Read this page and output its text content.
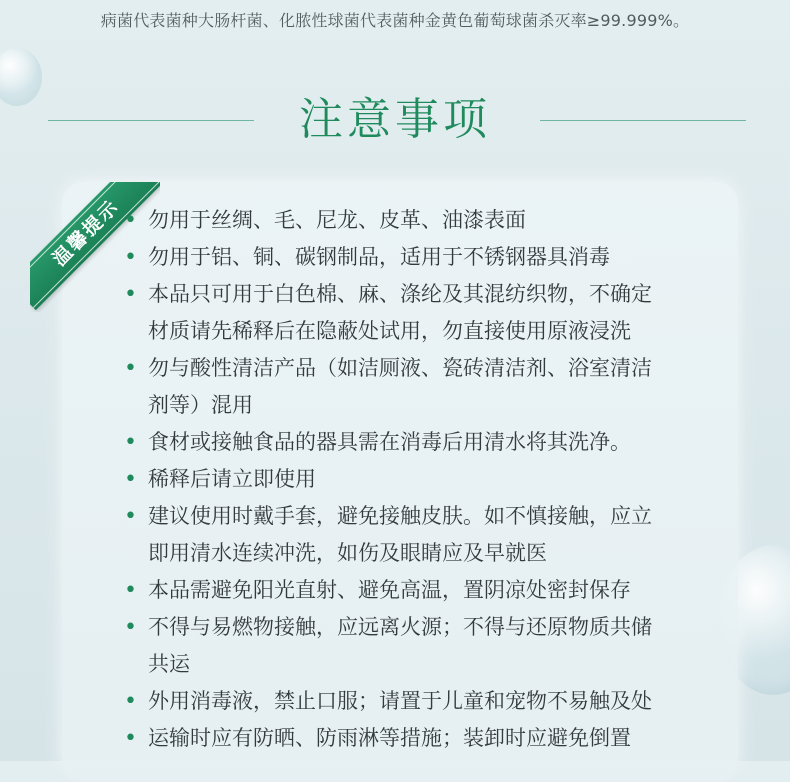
病菌代表菌种大肠杆菌、化脓性球菌代表菌种金黄色葡萄球菌杀灭率≥99.999%。
注意事项
温馨提示 • 勿用于丝绸、毛、尼龙、皮革、油漆表面
• 勿用于铝、铜、碳钢制品，适用于不锈钢器具消毒
• 本品只可用于白色棉、麻、涤纶及其混纺织物，不确定
材质请先稀释后在隐蔽处试用，勿直接使用原液浸洗
• 勿与酸性清洁产品（如洁厕液、瓷砖清洁剂、浴室清洁
剂等）混用
• 食材或接触食品的器具需在消毒后用清水将其洗净。
• 稀释后请立即使用
• 建议使用时戴手套，避免接触皮肤。如不慎接触，应立
即用清水连续冲洗，如伤及眼睛应及早就医
• 本品需避免阳光直射、避免高温，置阴凉处密封保存
• 不得与易燃物接触，应远离火源；不得与还原物质共储
共运
• 外用消毒液，禁止口服；请置于儿童和宠物不易触及处
• 运输时应有防晒、防雨淋等措施；装卸时应避免倒置
